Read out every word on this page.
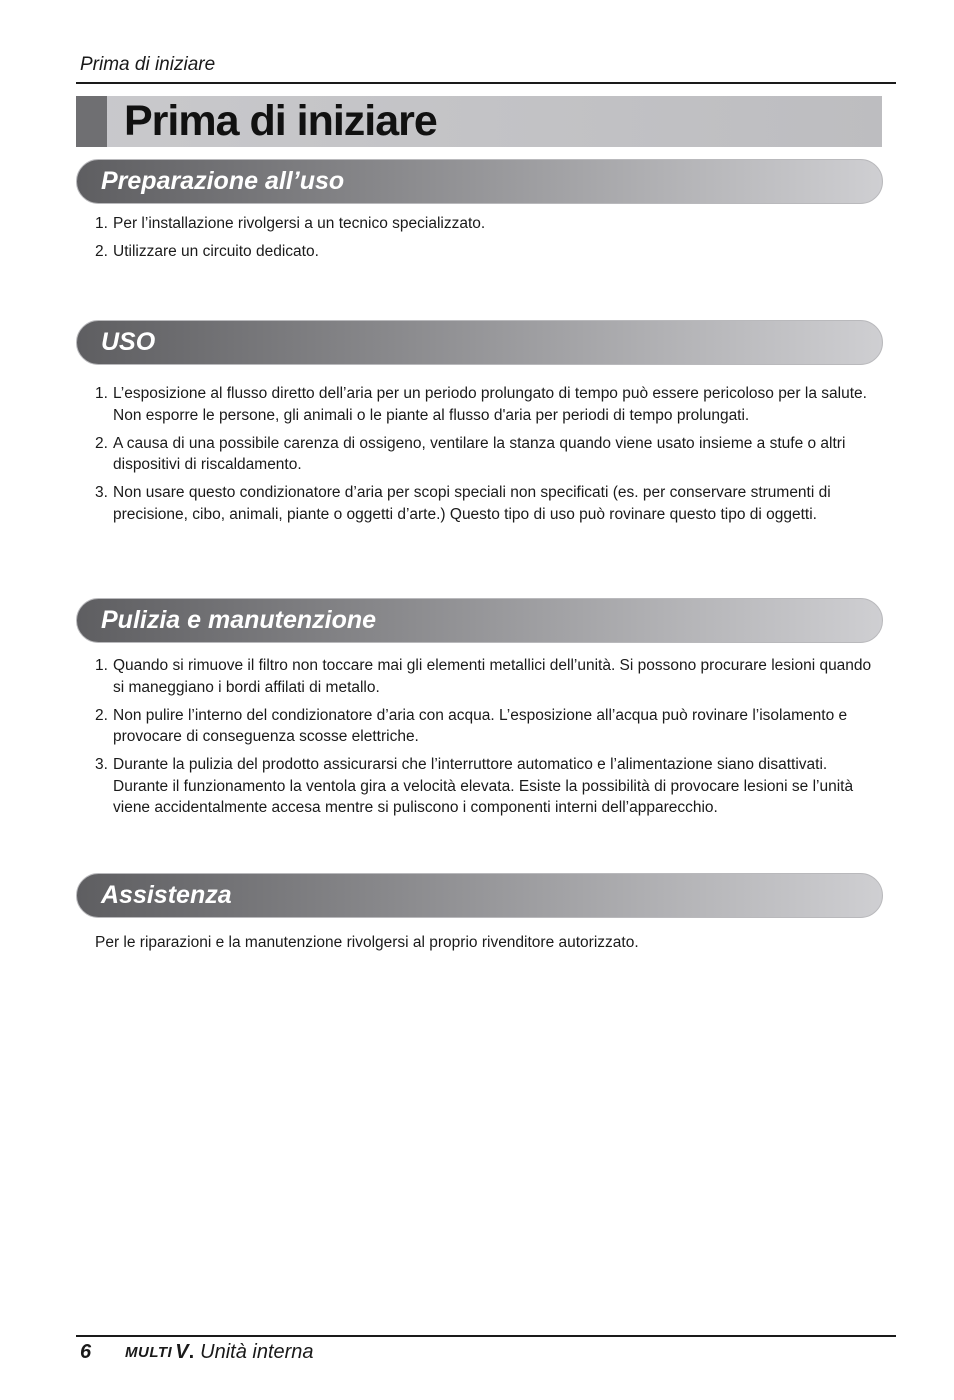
Prima di iniziare
Prima di iniziare
Preparazione all’uso
1. Per l’installazione rivolgersi a un tecnico specializzato.
2. Utilizzare un circuito dedicato.
USO
1. L’esposizione al flusso diretto dell’aria per un periodo prolungato di tempo può essere pericoloso per la salute. Non esporre le persone, gli animali o le piante al flusso d'aria per periodi di tempo prolungati.
2. A causa di una possibile carenza di ossigeno, ventilare la stanza quando viene usato insieme a stufe o altri dispositivi di riscaldamento.
3. Non usare questo condizionatore d’aria per scopi speciali non specificati (es. per conservare strumenti di precisione, cibo, animali, piante o oggetti d’arte.) Questo tipo di uso può rovinare questo tipo di oggetti.
Pulizia e manutenzione
1. Quando si rimuove il filtro non toccare mai gli elementi metallici dell’unità. Si possono procurare lesioni quando si maneggiano i bordi affilati di metallo.
2. Non pulire l’interno del condizionatore d’aria con acqua. L’esposizione all’acqua può rovinare l’isolamento e provocare di conseguenza scosse elettriche.
3. Durante la pulizia del prodotto assicurarsi che l’interruttore automatico e l’alimentazione siano disattivati. Durante il funzionamento la ventola gira a velocità elevata. Esiste la possibilità di provocare lesioni se l’unità viene accidentalmente accesa mentre si puliscono i componenti interni dell’apparecchio.
Assistenza
Per le riparazioni e la manutenzione rivolgersi al proprio rivenditore autorizzato.
6	MULTI V . Unità interna
